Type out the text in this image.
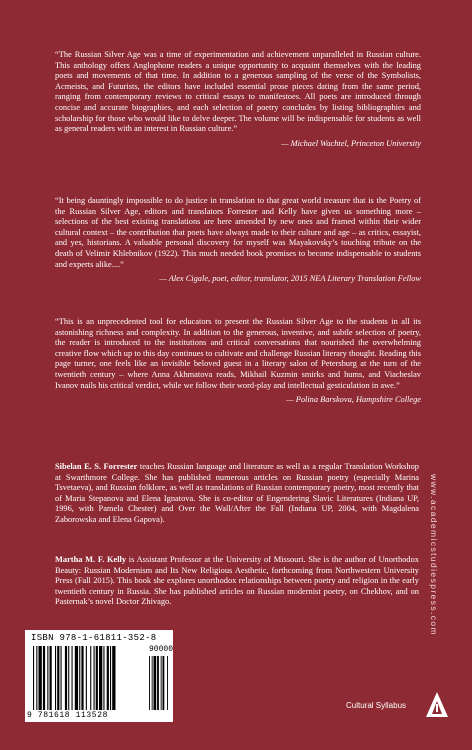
“The Russian Silver Age was a time of experimentation and achievement unparalleled in Russian culture. This anthology offers Anglophone readers a unique opportunity to acquaint themselves with the leading poets and movements of that time. In addition to a generous sampling of the verse of the Symbolists, Acmeists, and Futurists, the editors have included essential prose pieces dating from the same period, ranging from contemporary reviews to critical essays to manifestoes. All poets are introduced through concise and accurate biographies, and each selection of poetry concludes by listing bibliographies and scholarship for those who would like to delve deeper. The volume will be indispensable for students as well as general readers with an interest in Russian culture.”

— Michael Wachtel, Princeton University

“It being dauntingly impossible to do justice in translation to that great world treasure that is the Poetry of the Russian Silver Age, editors and translators Forrester and Kelly have given us something more – selections of the best existing translations are here amended by new ones and framed within their wider cultural context – the contribution that poets have always made to their culture and age – as critics, essayist, and yes, historians. A valuable personal discovery for myself was Mayakovsky’s touching tribute on the death of Velimir Khlebnikov (1922). This much needed book promises to become indispensable to students and experts alike....”

— Alex Cigale, poet, editor, translator, 2015 NEA Literary Translation Fellow

“This is an unprecedented tool for educators to present the Russian Silver Age to the students in all its astonishing richness and complexity. In addition to the generous, inventive, and subtle selection of poetry, the reader is introduced to the institutions and critical conversations that nourished the overwhelming creative flow which up to this day continues to cultivate and challenge Russian literary thought. Reading this page turner, one feels like an invisible beloved guest in a literary salon of Petersburg at the turn of the twentieth century – where Anna Akhmatova reads, Mikhail Kuzmin smirks and hums, and Viacheslav Ivanov nails his critical verdict, while we follow their word-play and intellectual gesticulation in awe.”

— Polina Barskova, Hampshire College

Sibelan E. S. Forrester teaches Russian language and literature as well as a regular Translation Workshop at Swarthmore College. She has published numerous articles on Russian poetry (especially Marina Tsvetaeva), and Russian folklore, as well as translations of Russian contemporary poetry, most recently that of Maria Stepanova and Elena Ignatova. She is co-editor of Engendering Slavic Literatures (Indiana UP, 1996, with Pamela Chester) and Over the Wall/After the Fall (Indiana UP, 2004, with Magdalena Zaborowska and Elena Gapova).

Martha M. F. Kelly is Assistant Professor at the University of Missouri. She is the author of Unorthodox Beauty: Russian Modernism and Its New Religious Aesthetic, forthcoming from Northwestern University Press (Fall 2015). This book she explores unorthodox relationships between poetry and religion in the early twentieth century in Russia. She has published articles on Russian modernist poetry, on Chekhov, and on Pasternak’s novel Doctor Zhivago.	www.academicstudiespress.com
Cultural Syllabus
ISBN 978-1-61811-352-8
90000
9 781618 113528
